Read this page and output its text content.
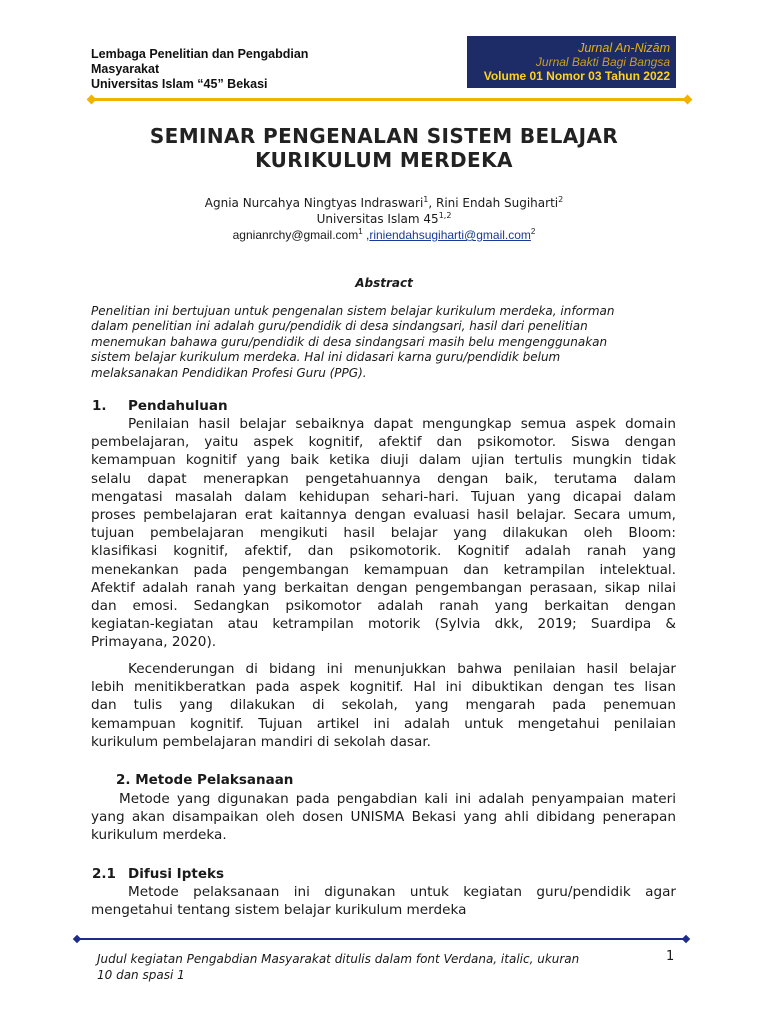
Lembaga Penelitian dan Pengabdian
Masyarakat
Universitas Islam “45” Bekasi
Jurnal An-Nizām
Jurnal Bakti Bagi Bangsa
Volume 01 Nomor 03 Tahun 2022
SEMINAR PENGENALAN SISTEM BELAJAR
KURIKULUM MERDEKA
Agnia Nurcahya Ningtyas Indraswari$^1$, Rini Endah Sugiharti$^2$
Universitas Islam 45$^{1,2}$
agnianrchy@gmail.com$^1$ ,riniendahsugiharti@gmail.com$^2$
Abstract
Penelitian ini bertujuan untuk pengenalan sistem belajar kurikulum merdeka, informan
dalam penelitian ini adalah guru/pendidik di desa sindangsari, hasil dari penelitian
menemukan bahawa guru/pendidik di desa sindangsari masih belu mengenggunakan
sistem belajar kurikulum merdeka. Hal ini didasari karna guru/pendidik belum
melaksanakan Pendidikan Profesi Guru (PPG).
1. Pendahuluan
Penilaian hasil belajar sebaiknya dapat mengungkap semua aspek domain
pembelajaran, yaitu aspek kognitif, afektif dan psikomotor. Siswa dengan
kemampuan kognitif yang baik ketika diuji dalam ujian tertulis mungkin tidak
selalu dapat menerapkan pengetahuannya dengan baik, terutama dalam
mengatasi masalah dalam kehidupan sehari-hari. Tujuan yang dicapai dalam
proses pembelajaran erat kaitannya dengan evaluasi hasil belajar. Secara umum,
tujuan pembelajaran mengikuti hasil belajar yang dilakukan oleh Bloom:
klasifikasi kognitif, afektif, dan psikomotorik. Kognitif adalah ranah yang
menekankan pada pengembangan kemampuan dan ketrampilan intelektual.
Afektif adalah ranah yang berkaitan dengan pengembangan perasaan, sikap nilai
dan emosi. Sedangkan psikomotor adalah ranah yang berkaitan dengan
kegiatan-kegiatan atau ketrampilan motorik (Sylvia dkk, 2019; Suardipa &
Primayana, 2020).
Kecenderungan di bidang ini menunjukkan bahwa penilaian hasil belajar
lebih menitikberatkan pada aspek kognitif. Hal ini dibuktikan dengan tes lisan
dan tulis yang dilakukan di sekolah, yang mengarah pada penemuan
kemampuan kognitif. Tujuan artikel ini adalah untuk mengetahui penilaian
kurikulum pembelajaran mandiri di sekolah dasar.
2. Metode Pelaksanaan
Metode yang digunakan pada pengabdian kali ini adalah penyampaian materi
yang akan disampaikan oleh dosen UNISMA Bekasi yang ahli dibidang penerapan
kurikulum merdeka.
2.1 Difusi Ipteks
Metode pelaksanaan ini digunakan untuk kegiatan guru/pendidik agar
mengetahui tentang sistem belajar kurikulum merdeka
Judul kegiatan Pengabdian Masyarakat ditulis dalam font Verdana, italic, ukuran
10 dan spasi 1
1
